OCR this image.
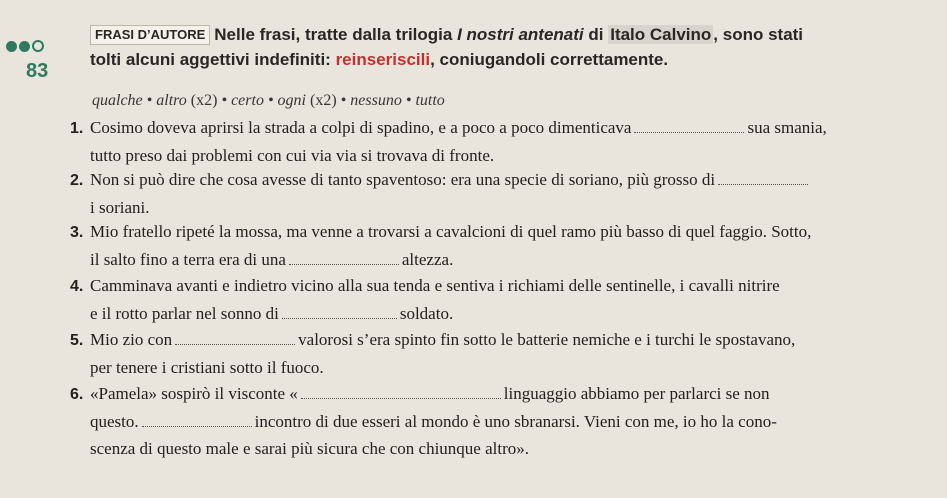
83
FRASI D’AUTORE Nelle frasi, tratte dalla trilogia I nostri antenati di Italo Calvino , sono stati
tolti alcuni aggettivi indefiniti: reinseriscili, coniugandoli correttamente.
qualche • altro (x2) • certo • ogni (x2) • nessuno • tutto
1. Cosimo doveva aprirsi la strada a colpi di spadino, e a poco a poco dimenticava	sua smania,
tutto preso dai problemi con cui via via si trovava di fronte.
2. Non si può dire che cosa avesse di tanto spaventoso: era una specie di soriano, più grosso di
i soriani.
3. Mio fratello ripeté la mossa, ma venne a trovarsi a cavalcioni di quel ramo più basso di quel faggio. Sotto,
il salto fino a terra era di una	altezza.
4. Camminava avanti e indietro vicino alla sua tenda e sentiva i richiami delle sentinelle, i cavalli nitrire
e il rotto parlar nel sonno di	soldato.
5. Mio zio con	valorosi s’era spinto fin sotto le batterie nemiche e i turchi le spostavano,
per tenere i cristiani sotto il fuoco.
6. «Pamela» sospirò il visconte «	linguaggio abbiamo per parlarci se non
questo.	incontro di due esseri al mondo è uno sbranarsi. Vieni con me, io ho la cono-
scenza di questo male e sarai più sicura che con chiunque altro».
